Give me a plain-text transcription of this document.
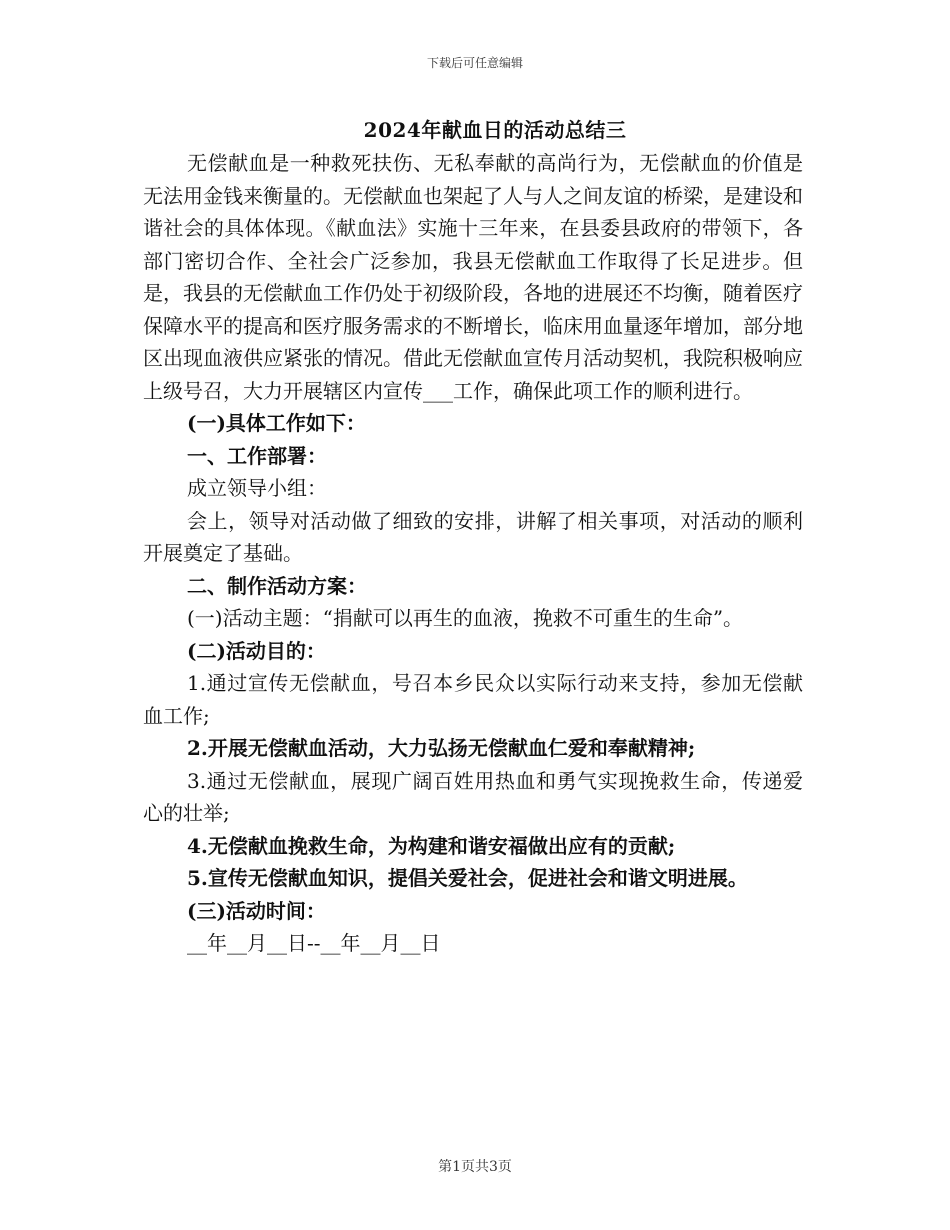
下载后可任意编辑
2024年献血日的活动总结三

无偿献血是一种救死扶伤、无私奉献的高尚行为，无偿献血的价值是无法用金钱来衡量的。无偿献血也架起了人与人之间友谊的桥梁，是建设和谐社会的具体体现。《献血法》实施十三年来，在县委县政府的带领下，各部门密切合作、全社会广泛参加，我县无偿献血工作取得了长足进步。但是，我县的无偿献血工作仍处于初级阶段，各地的进展还不均衡，随着医疗保障水平的提高和医疗服务需求的不断增长，临床用血量逐年增加，部分地区出现血液供应紧张的情况。借此无偿献血宣传月活动契机，我院积极响应上级号召，大力开展辖区内宣传___工作，确保此项工作的顺利进行。

(一)具体工作如下：

一、工作部署：

成立领导小组：

会上，领导对活动做了细致的安排，讲解了相关事项，对活动的顺利开展奠定了基础。

二、制作活动方案：

(一)活动主题：“捐献可以再生的血液，挽救不可重生的生命”。

(二)活动目的：

1.通过宣传无偿献血，号召本乡民众以实际行动来支持，参加无偿献血工作;

2.开展无偿献血活动，大力弘扬无偿献血仁爱和奉献精神;

3.通过无偿献血，展现广阔百姓用热血和勇气实现挽救生命，传递爱心的壮举;

4.无偿献血挽救生命，为构建和谐安福做出应有的贡献;

5.宣传无偿献血知识，提倡关爱社会，促进社会和谐文明进展。

(三)活动时间：

__年__月__日--__年__月__日

第1页共3页
